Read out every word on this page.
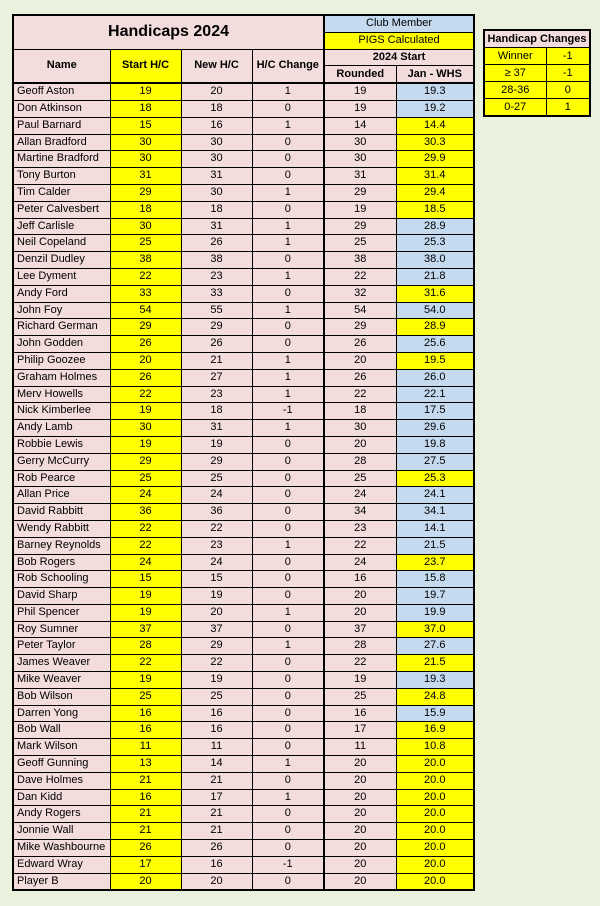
Handicaps 2024				Club Member	
				PIGS Calculated	
Name	Start H/C	New H/C	H/C Change	2024 Start	
				Rounded	Jan - WHS
Geoff Aston	19	20	1	19	19.3
Don Atkinson	18	18	0	19	19.2
Paul Barnard	15	16	1	14	14.4
Allan Bradford	30	30	0	30	30.3
Martine Bradford	30	30	0	30	29.9
Tony Burton	31	31	0	31	31.4
Tim Calder	29	30	1	29	29.4
Peter Calvesbert	18	18	0	19	18.5
Jeff Carlisle	30	31	1	29	28.9
Neil Copeland	25	26	1	25	25.3
Denzil Dudley	38	38	0	38	38.0
Lee Dyment	22	23	1	22	21.8
Andy Ford	33	33	0	32	31.6
John Foy	54	55	1	54	54.0
Richard German	29	29	0	29	28.9
John Godden	26	26	0	26	25.6
Philip Goozee	20	21	1	20	19.5
Graham Holmes	26	27	1	26	26.0
Merv Howells	22	23	1	22	22.1
Nick Kimberlee	19	18	-1	18	17.5
Andy Lamb	30	31	1	30	29.6
Robbie Lewis	19	19	0	20	19.8
Gerry McCurry	29	29	0	28	27.5
Rob Pearce	25	25	0	25	25.3
Allan Price	24	24	0	24	24.1
David Rabbitt	36	36	0	34	34.1
Wendy Rabbitt	22	22	0	23	14.1
Barney Reynolds	22	23	1	22	21.5
Bob Rogers	24	24	0	24	23.7
Rob Schooling	15	15	0	16	15.8
David Sharp	19	19	0	20	19.7
Phil Spencer	19	20	1	20	19.9
Roy Sumner	37	37	0	37	37.0
Peter Taylor	28	29	1	28	27.6
James Weaver	22	22	0	22	21.5
Mike Weaver	19	19	0	19	19.3
Bob Wilson	25	25	0	25	24.8
Darren Yong	16	16	0	16	15.9
Bob Wall	16	16	0	17	16.9
Mark Wilson	11	11	0	11	10.8
Geoff Gunning	13	14	1	20	20.0
Dave Holmes	21	21	0	20	20.0
Dan Kidd	16	17	1	20	20.0
Andy Rogers	21	21	0	20	20.0
Jonnie Wall	21	21	0	20	20.0
Mike Washbourne	26	26	0	20	20.0
Edward Wray	17	16	-1	20	20.0
Player B	20	20	0	20	20.0
Handicap Changes	
Winner	-1
≥ 37	-1
28-36	0
0-27	1
